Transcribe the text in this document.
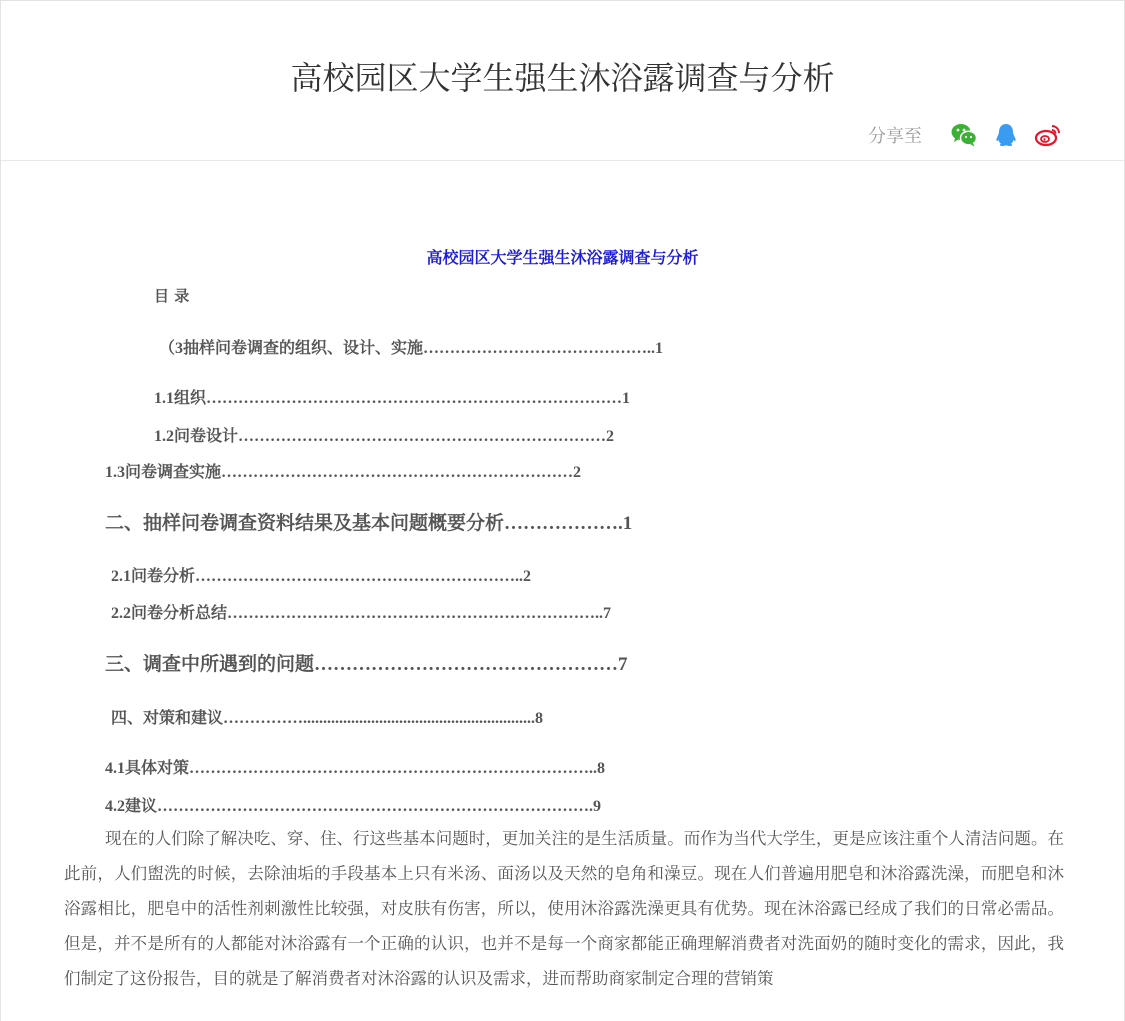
高校园区大学生强生沐浴露调查与分析
分享至
高校园区大学生强生沐浴露调查与分析
目 录
（3抽样问卷调查的组织、设计、实施……………………………………..1
1.1组织……………………………………………………………………1
1.2问卷设计……………………………………………………………2
1.3问卷调查实施…………………………………………………………2
二、抽样问卷调查资料结果及基本问题概要分析……………….1
2.1问卷分析……………………………………………………..2
2.2问卷分析总结……………………………………………………………..7
三、调查中所遇到的问题…………………………………………7
四、对策和建议……………..........................................................8
4.1具体对策…………………………………………………………………..8
4.2建议……………………………………………………………………….9

现在的人们除了解决吃、穿、住、行这些基本问题时，更加关注的是生活质量。而作为当代大学生，更是应该注重个人清洁问题。在此前，人们盥洗的时候，去除油垢的手段基本上只有米汤、面汤以及天然的皂角和澡豆。现在人们普遍用肥皂和沐浴露洗澡，而肥皂和沐浴露相比，肥皂中的活性剂刺激性比较强，对皮肤有伤害，所以，使用沐浴露洗澡更具有优势。现在沐浴露已经成了我们的日常必需品。但是，并不是所有的人都能对沐浴露有一个正确的认识，也并不是每一个商家都能正确理解消费者对洗面奶的随时变化的需求，因此，我们制定了这份报告，目的就是了解消费者对沐浴露的认识及需求，进而帮助商家制定合理的营销策
